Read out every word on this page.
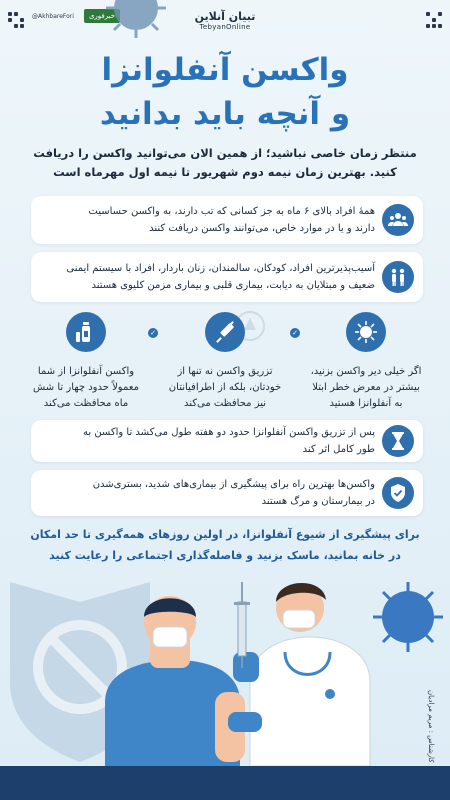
@AkhbareFori	خبرفوری	تبیان آنلاین
TebyanOnline
واکسن آنفلوانزا
و آنچه باید بدانید
منتظر زمان خاصی نباشید؛ از همین الان می‌توانید واکسن را دریافت
کنید. بهترین زمان نیمه دوم شهریور تا نیمه اول مهرماه است
همهٔ افراد بالای ۶ ماه به جز کسانی که تب دارند، به واکسن حساسیت
دارند و یا در موارد خاص، می‌توانند واکسن دریافت کنند
آسیب‌پذیرترین افراد، کودکان، سالمندان، زنان باردار، افراد با سیستم ایمنی
ضعیف و مبتلایان به دیابت، بیماری قلبی و بیماری مزمن کلیوی هستند
اگر خیلی دیر واکسن بزنید،
بیشتر در معرض خطر ابتلا
به آنفلوانزا هستید
✓
تزریق واکسن نه تنها از
خودتان، بلکه از اطرافیانتان
نیز محافظت می‌کند
✓
واکسن آنفلوانزا از شما
معمولاً حدود چهار تا شش
ماه محافظت می‌کند
پس از تزریق واکسن آنفلوانزا حدود دو هفته طول می‌کشد تا واکسن به
طور کامل اثر کند
واکسن‌ها بهترین راه برای پیشگیری از بیماری‌های شدید، بستری‌شدن
در بیمارستان و مرگ هستند
برای پیشگیری از شیوع آنفلوانزا، در اولین روزهای همه‌گیری تا حد امکان
در خانه بمانید، ماسک بزنید و فاصله‌گذاری اجتماعی را رعایت کنید
کارشناس : مریم مرادیان
